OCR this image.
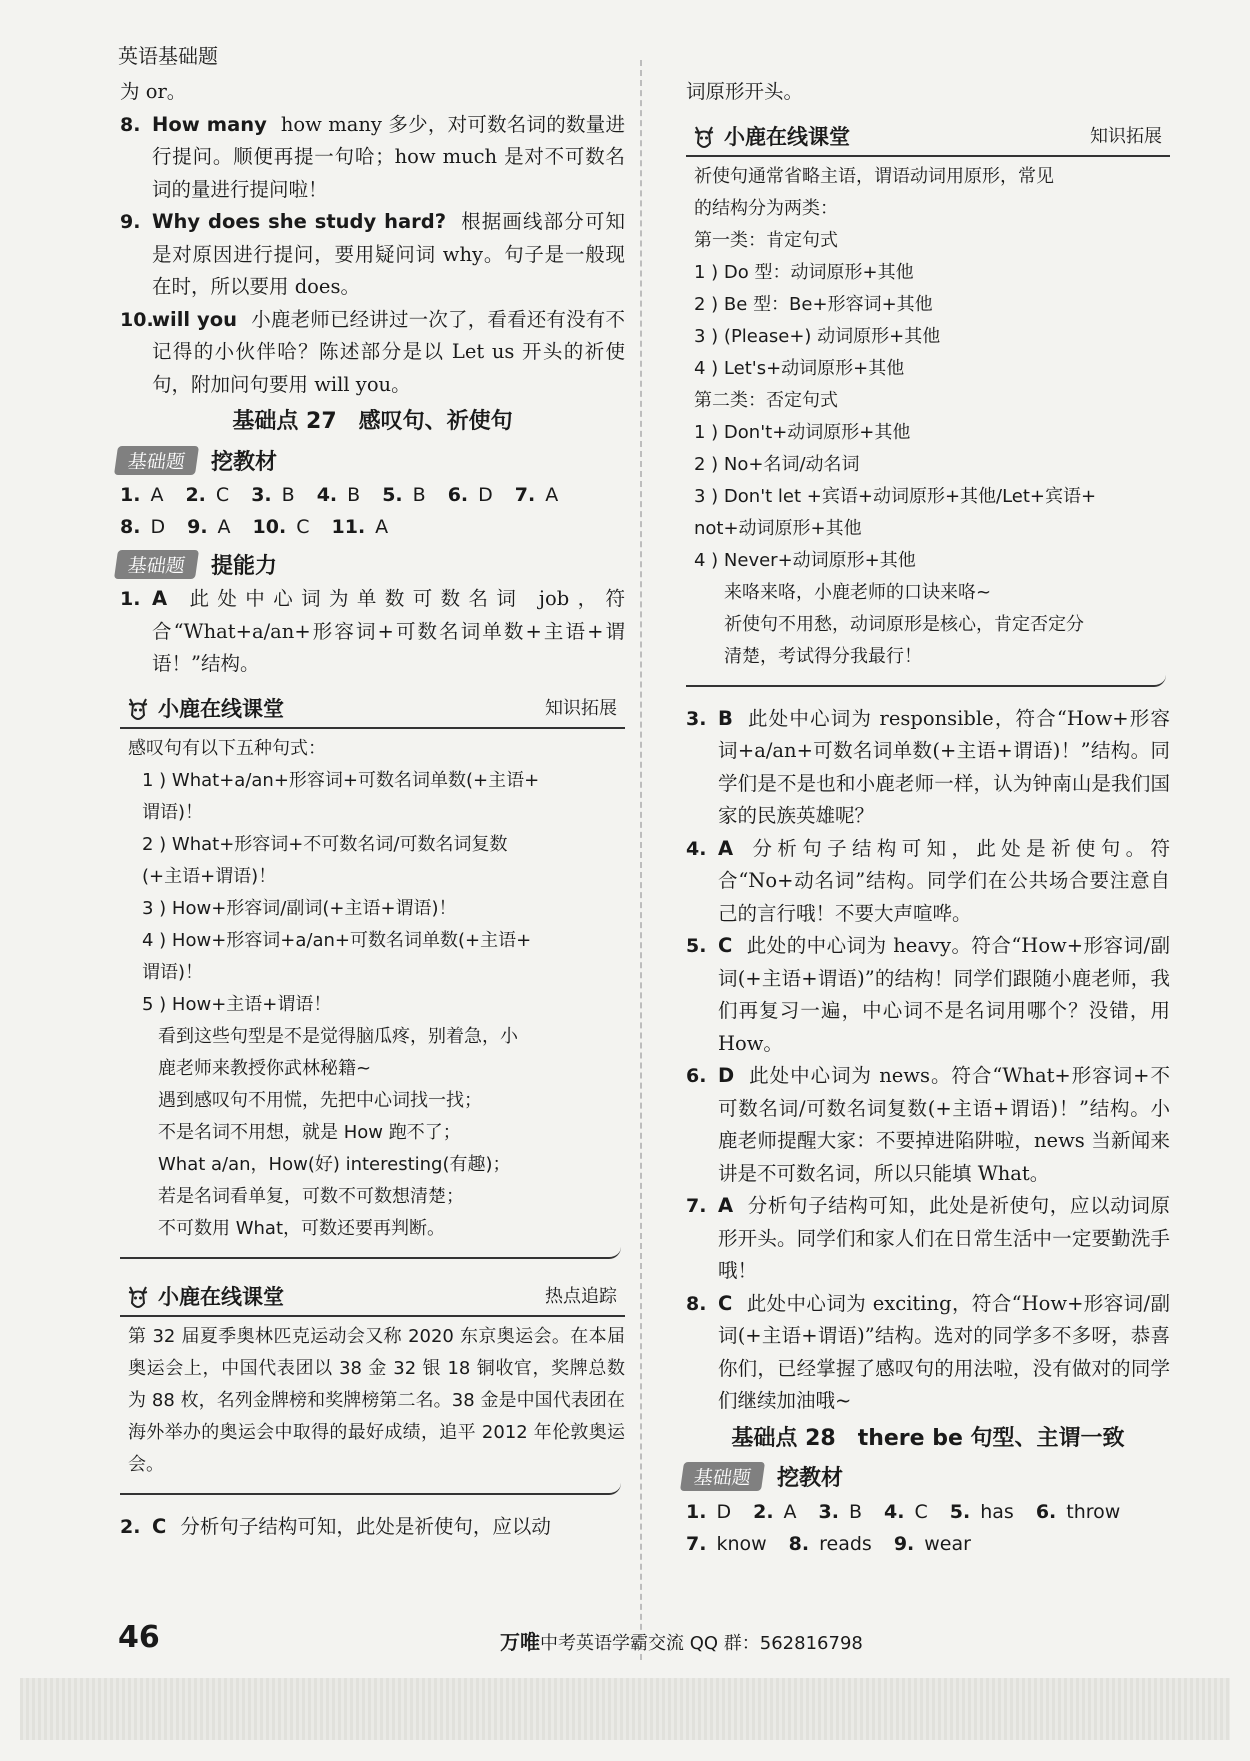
英语基础题

为 or。

8. How many how many 多少，对可数名词的数量进行提问。顺便再提一句哈；how much 是对不可数名词的量进行提问啦！
9. Why does she study hard? 根据画线部分可知是对原因进行提问，要用疑问词 why。句子是一般现在时，所以要用 does。
10.
will you 小鹿老师已经讲过一次了，看看还有没有不记得的小伙伴哈？陈述部分是以 Let us 开头的祈使句，附加问句要用 will you。
基础点 27　感叹句、祈使句
基础题	挖教材
1. A 2. C 3. B 4. B 5. B 6. D 7. A
8. D 9. A 10. C 11. A
基础题	提能力
1. A 此处中心词为单数可数名词 job，符合“What+a/an+形容词+可数名词单数+主语+谓语！”结构。
小鹿在线课堂	知识拓展
感叹句有以下五种句式：
1 ) What+a/an+形容词+可数名词单数(+主语+
谓语)！
2 ) What+形容词+不可数名词/可数名词复数
(+主语+谓语)！
3 ) How+形容词/副词(+主语+谓语)！
4 ) How+形容词+a/an+可数名词单数(+主语+
谓语)！
5 ) How+主语+谓语！
看到这些句型是不是觉得脑瓜疼，别着急，小
鹿老师来教授你武林秘籍~
遇到感叹句不用慌，先把中心词找一找；
不是名词不用想，就是 How 跑不了；
What a/an，How(好) interesting(有趣)；
若是名词看单复，可数不可数想清楚；
不可数用 What，可数还要再判断。
小鹿在线课堂	热点追踪
第 32 届夏季奥林匹克运动会又称 2020 东京奥运会。在本届奥运会上，中国代表团以 38 金 32 银 18 铜收官，奖牌总数为 88 枚，名列金牌榜和奖牌榜第二名。38 金是中国代表团在海外举办的奥运会中取得的最好成绩，追平 2012 年伦敦奥运会。
2. C 分析句子结构可知，此处是祈使句，应以动

词原形开头。

小鹿在线课堂	知识拓展
祈使句通常省略主语，谓语动词用原形，常见
的结构分为两类：
第一类：肯定句式
1 ) Do 型：动词原形+其他
2 ) Be 型：Be+形容词+其他
3 ) (Please+) 动词原形+其他
4 ) Let's+动词原形+其他
第二类：否定句式
1 ) Don't+动词原形+其他
2 ) No+名词/动名词
3 ) Don't let +宾语+动词原形+其他/Let+宾语+
not+动词原形+其他
4 ) Never+动词原形+其他
来咯来咯，小鹿老师的口诀来咯~
祈使句不用愁，动词原形是核心，肯定否定分
清楚，考试得分我最行！
3. B 此处中心词为 responsible，符合“How+形容词+a/an+可数名词单数(+主语+谓语)！”结构。同学们是不是也和小鹿老师一样，认为钟南山是我们国家的民族英雄呢？
4. A 分析句子结构可知，此处是祈使句。符合“No+动名词”结构。同学们在公共场合要注意自己的言行哦！不要大声喧哗。
5. C 此处的中心词为 heavy。符合“How+形容词/副词(+主语+谓语)”的结构！同学们跟随小鹿老师，我们再复习一遍，中心词不是名词用哪个？没错，用 How。
6. D 此处中心词为 news。符合“What+形容词+不可数名词/可数名词复数(+主语+谓语)！”结构。小鹿老师提醒大家：不要掉进陷阱啦，news 当新闻来讲是不可数名词，所以只能填 What。
7. A 分析句子结构可知，此处是祈使句，应以动词原形开头。同学们和家人们在日常生活中一定要勤洗手哦！
8. C 此处中心词为 exciting，符合“How+形容词/副词(+主语+谓语)”结构。选对的同学多不多呀，恭喜你们，已经掌握了感叹句的用法啦，没有做对的同学们继续加油哦~
基础点 28　there be 句型、主谓一致
基础题	挖教材
1. D 2. A 3. B 4. C 5. has 6. throw
7. know 8. reads 9. wear
46	万唯中考英语学霸交流 QQ 群：562816798
